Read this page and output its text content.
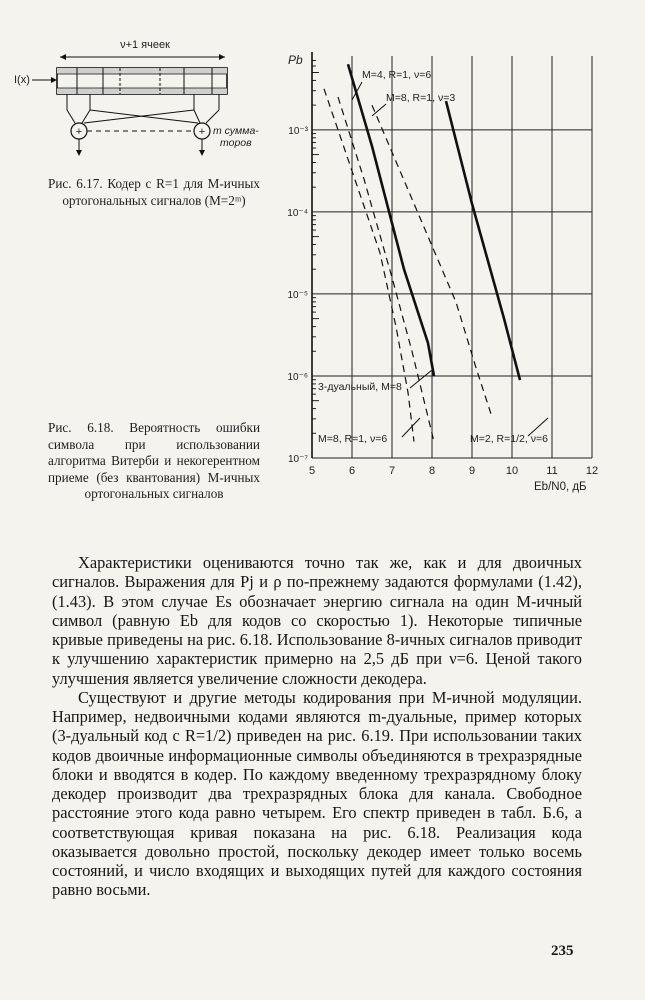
ν+1 ячеек
I(x)
+	+ m сумма-
торов
Рис. 6.17. Кодер с R=1 для M-ичных ортогональных сигналов (M=2ᵐ)
5	6	7	8	9	10	11	12
10⁻³
10⁻⁴
10⁻⁵
10⁻⁶
10⁻⁷
Pb
Eb/N0, дБ
M=4, R=1, ν=6
M=8, R=1, ν=3
3-дуальный, M=8
M=8, R=1, ν=6	M=2, R=1/2, ν=6
Рис. 6.18. Вероятность ошибки символа при использовании алгоритма Витерби и некогерентном приеме (без квантования) M-ичных ортогональных сигналов

Характеристики оцениваются точно так же, как и для двоичных сигналов. Выражения для Pj и ρ по-прежнему задаются формулами (1.42), (1.43). В этом случае Es обозначает энергию сигнала на один M-ичный символ (равную Eb для кодов со скоростью 1). Некоторые типичные кривые приведены на рис. 6.18. Использование 8-ичных сигналов приводит к улучшению характеристик примерно на 2,5 дБ при ν=6. Ценой такого улучшения является увеличение сложности декодера.

Существуют и другие методы кодирования при M-ичной модуляции. Например, недвоичными кодами являются m-дуальные, пример которых (3-дуальный код с R=1/2) приведен на рис. 6.19. При использовании таких кодов двоичные информационные символы объединяются в трехразрядные блоки и вводятся в кодер. По каждому введенному трехразрядному блоку декодер производит два трехразрядных блока для канала. Свободное расстояние этого кода равно четырем. Его спектр приведен в табл. Б.6, а соответствующая кривая показана на рис. 6.18. Реализация кода оказывается довольно простой, поскольку декодер имеет только восемь состояний, и число входящих и выходящих путей для каждого состояния равно восьми.

235
